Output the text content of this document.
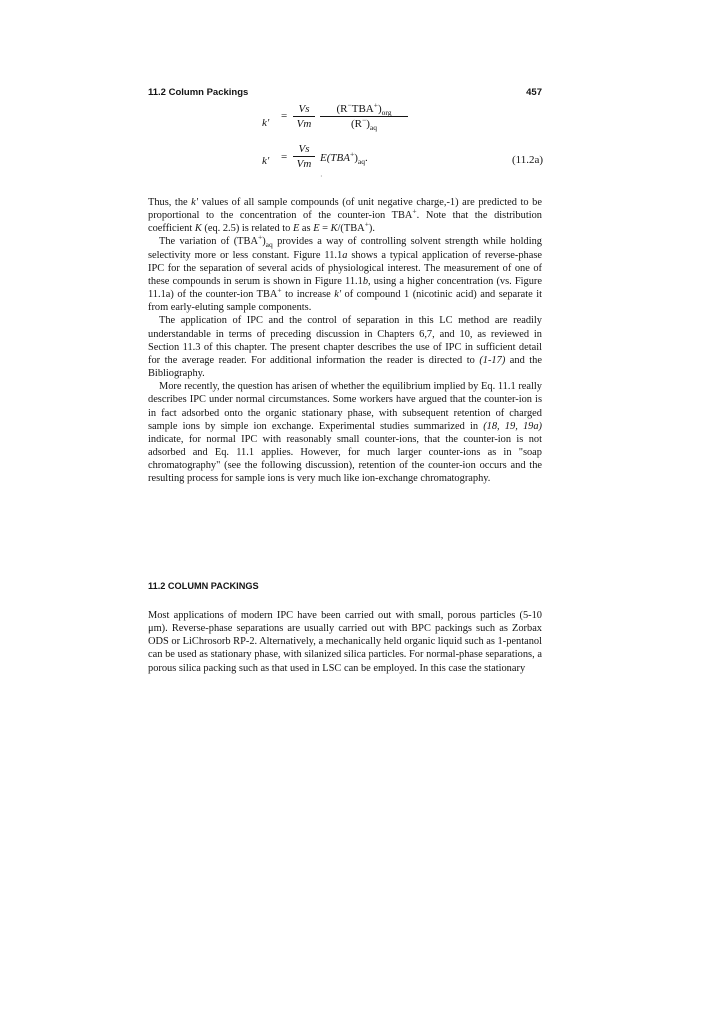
11.2 Column Packings	457
k'
=
Vs
Vm
$(R^-TBA^+)_{org}$
$(R^-)_{aq}$
k' =
Vs
Vm $E(TBA^+)_{aq}$.	(11.2a)
·

Thus, the k' values of all sample compounds (of unit negative charge,-1) are predicted to be proportional to the concentration of the counter-ion TBA+. Note that the distribution coefficient K (eq. 2.5) is related to E as E = K/(TBA+).

The variation of $(TBA^+)_{aq}$ provides a way of controlling solvent strength while holding selectivity more or less constant. Figure 11.1a shows a typical application of reverse-phase IPC for the separation of several acids of physiological interest. The measurement of one of these compounds in serum is shown in Figure 11.1b, using a higher concentration (vs. Figure 11.1a) of the counter-ion TBA+ to increase k' of compound 1 (nicotinic acid) and separate it from early-eluting sample components.

The application of IPC and the control of separation in this LC method are readily understandable in terms of preceding discussion in Chapters 6,7, and 10, as reviewed in Section 11.3 of this chapter. The present chapter describes the use of IPC in sufficient detail for the average reader. For additional information the reader is directed to (1-17) and the Bibliography.

More recently, the question has arisen of whether the equilibrium implied by Eq. 11.1 really describes IPC under normal circumstances. Some workers have argued that the counter-ion is in fact adsorbed onto the organic stationary phase, with subsequent retention of charged sample ions by simple ion exchange. Experimental studies summarized in (18, 19, 19a) indicate, for normal IPC with reasonably small counter-ions, that the counter-ion is not adsorbed and Eq. 11.1 applies. However, for much larger counter-ions as in "soap chromatography" (see the following discussion), retention of the counter-ion occurs and the resulting process for sample ions is very much like ion-exchange chromatography.

11.2 COLUMN PACKINGS

Most applications of modern IPC have been carried out with small, porous particles (5-10 μm). Reverse-phase separations are usually carried out with BPC packings such as Zorbax ODS or LiChrosorb RP-2. Alternatively, a mechanically held organic liquid such as 1-pentanol can be used as stationary phase, with silanized silica particles. For normal-phase separations, a porous silica packing such as that used in LSC can be employed. In this case the stationary
